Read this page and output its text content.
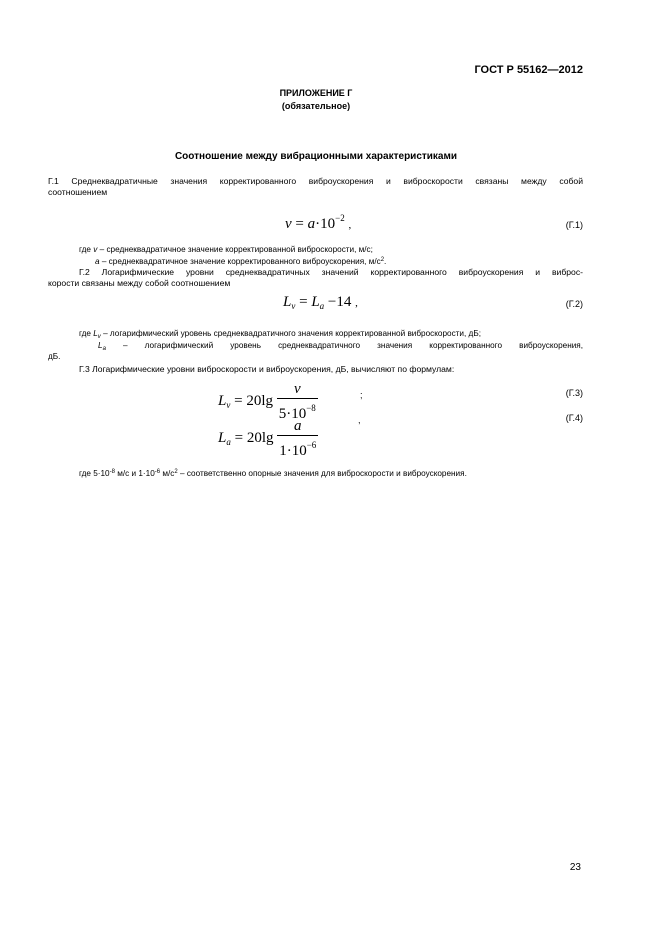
ГОСТ Р 55162—2012
ПРИЛОЖЕНИЕ Г
(обязательное)
Соотношение между вибрационными характеристиками
Г.1 Среднеквадратичные значения корректированного виброускорения и виброскорости связаны между собой
соотношением
$v = a\cdot 10^{-2}$ ,	(Г.1)
где v – среднеквадратичное значение корректированной виброскорости, м/с;
a – среднеквадратичное значение корректированного виброускорения, $м/с^2$.
Г.2 Логарифмические уровни среднеквадратичных значений корректированного виброускорения и виброс-
корости связаны между собой соотношением
$L_v = L_a -14$ ,	(Г.2)
где $L_v$ – логарифмический уровень среднеквадратичного значения корректированной виброскорости, дБ;
$L_a$ – логарифмический уровень среднеквадратичного значения корректированного виброускорения,
дБ.
Г.3 Логарифмические уровни виброскорости и виброускорения, дБ, вычисляют по формулам:
$L_v = 20\lg \frac{v}{5\cdot 10^{-8}}$	;	(Г.3)
$L_a = 20\lg \frac{a}{1\cdot 10^{-6}}$	,	(Г.4)
где $5\cdot 10^{-8}$ м/с и $1\cdot 10^{-6}$ $м/с^2$ – соответственно опорные значения для виброскорости и виброускорения.
23
